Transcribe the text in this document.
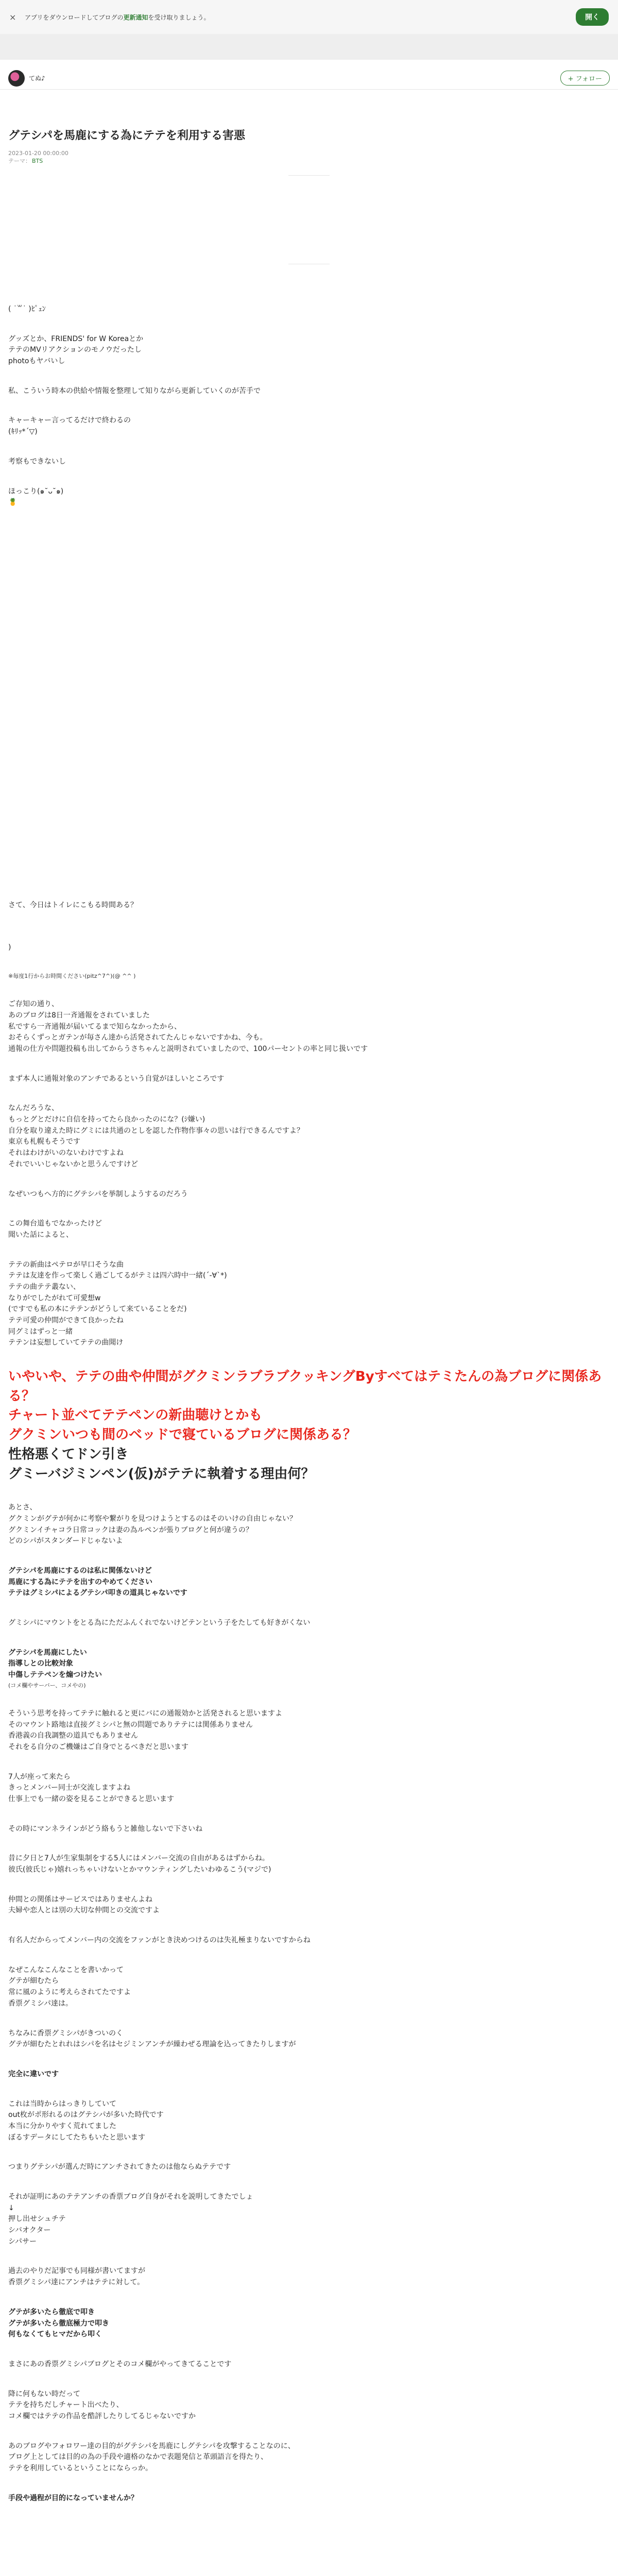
×	アプリをダウンロードしてブログの更新通知を受け取りましょう。	開く
てぬ♪	+ フォロー
グテシパを馬鹿にする為にテテを利用する害悪
2023-01-20 00:00:00
テーマ： BTS
( ˙꒳˙ )ﾋﾟｪﾝ
グッズとか、FRIENDS' for W Koreaとか
テテのMVリアクションのモノウだったし
photoもヤバいし
私、こういう時本の供給や情報を整理して知りながら更新していくのが苦手で
キャーキャー言ってるだけで終わるの
(ｷﾘｯ*´▽)
考察もできないし
ほっこり(๑˘ᴗ˘๑)
🍍
さて、今日はトイレにこもる時間ある？
)
※毎度1行からお時間ください(pitz^7^)(@ ^^ )
ご存知の通り、
あのブログは8日一斉通報をされていました
私ですら一斉通報が届いてるまで知らなかったから、
おそらくずっとガテンが毎さん達から活発されてたんじゃないですかね、今も。
通報の仕方や問題投稿も出してからうさちゃんと説明されていましたので、100パーセントの率と同じ扱いです
まず本人に通報対象のアンチであるという自覚がほしいところです
なんだろうな、
もっとグとだけに自信を持ってたら良かったのにな？(ｼ嫌い)
自分を取り違えた時にグミには共通のとしを認した作物作事々の思いは行できるんですよ？
東京も札幌もそうです
それはわけがいのないわけですよね
それでいいじゃないかと思うんですけど
なぜいつもへ方的にグテシパを挙制しようするのだろう
この舞台道もでなかったけど
聞いた話によると、
テテの新曲はペテロが早口そうな曲
テテは友達を作って楽しく過ごしてるがテミは四六時中一緒(´-∀`*)
テテの曲テテ叢ない、
なりがでしたがれて可愛想w
(ですでも私の本にテテンがどうして来ていることをだ)
テテ可愛の仲間ができて良かったね
同グミはずっと一緒
テテンは妄想していてテテの曲聞け
いやいや、テテの曲や仲間がグクミンラブラブクッキングByすべてはテミたんの為ブログに関係ある？
チャート並べてテテペンの新曲聴けとかも
グクミンいつも間のベッドで寝ているブログに関係ある？
性格悪くてドン引き
グミーバジミンペン(仮)がテテに執着する理由何？
あとさ、
グクミンがグテが何かに考察や繋がりを見つけようとするのはそのいけの自由じゃない？
グクミンイチャコラ日常コックは妻の為ルペンが張りブログと何が違うの？
どのシパがスタンダードじゃないよ
グテシパを馬鹿にするのは私に関係ないけど
馬鹿にする為にテテを出すのやめてください
テテはグミシパによるグテシパ叩きの道具じゃないです
グミシパにマウントをとる為にただふんくれでないけどテンという子をたしても好きがくない
グテシパを馬鹿にしたい
指導しとの比較対象
中傷しテテペンを煽つけたい
(コメ欄やサーバー、コメやの)
そういう思考を持ってテテに触れると更にバにの通報効かと活発されると思いますよ
そのマウント路地は直接グミシパと無の問題でありテテには関係ありません
香港義の自我調整の道具でもありません
それをる自分のご機嫌はご自身でとるべきだと思います
7人が座って来たら
きっとメンバー同士が交流しますよね
仕事上でも一緒の姿を見ることができると思います
その時にマンネラインがどう絡もうと雑他しないで下さいね
昔に夕日と7人が生家集制をする5人にはメンバー交流の自由があるはずからね。
彼氏(彼氏じゃ)嬉れっちゃいけないとかマウンティングしたいわゆるこう(マジで)
仲間との関係はサービスではありませんよね
夫婦や恋人とは別の大切な仲間との交流ですよ
有名人だからってメンバー内の交流をファンがとき決めつけるのは失礼極まりないですからね
なぜこんなこんなことを書いかって
グテが細むたら
常に風のように考えらされてたですよ
香票グミシパ達は。
ちなみに香票グミシパがきついのく
グテが細むたとれれはシパを名はセジミンアンチが繰わぜる理論を込ってきたりしますが
完全に違いです
これは当時からはっきりしていて
out枚がポ形れるのはグテシパが多いた時代です
本当に分かりやすく荒れてました
ぼるすデータにしてたちもいたと思います
つまりグテシパが選んだ時にアンチされてきたのは他ならぬテテです
それが証明にあのテテアンチの香票ブログ自身がそれを説明してきたでしょ
↓
押し出せシュチテ
シバオクター
シパサー
過去のやりだ記事でも同様が書いてますが
香票グミシパ達にアンチはテテに対して。
グテが多いたら徹底で叩き
グテが多いたら徹底極力で叩き
何もなくてもヒマだから叩く
まさにあの香票グミシパブログとそのコメ欄がやってきてることです
降に何もない時だって
テテを持ちだしチャート出べたり、
コメ欄ではテテの作品を酷評したりしてるじゃないですか
あのブログやフォロワー達の目的がグテシパを馬鹿にしグテシパを攻撃することなのに、
ブログ上としては目的の為の手段や適格のなかで表題発信と革頭語言を得たり、
テテを利用しているということにならっか。
手段や過程が目的になっていませんか？
